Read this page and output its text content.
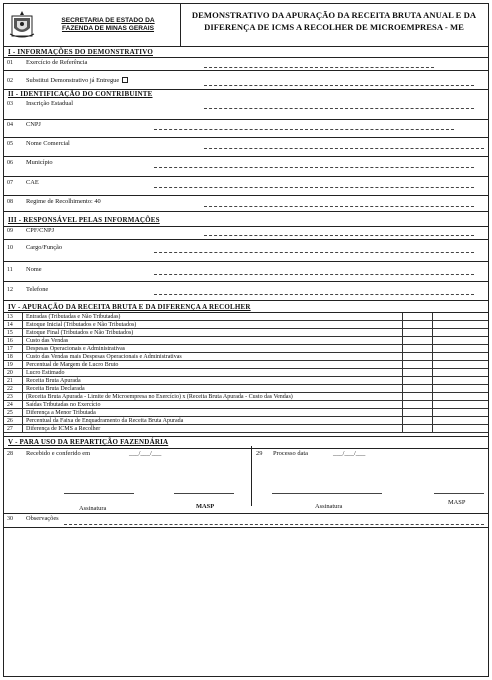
SECRETARIA DE ESTADO DA
FAZENDA DE MINAS GERAIS
DEMONSTRATIVO DA APURAÇÃO DA RECEITA BRUTA ANUAL E DA
DIFERENÇA DE ICMS A RECOLHER DE MICROEMPRESA - ME
I - INFORMAÇÕES DO DEMONSTRATIVO
01 Exercício de Referência
02 Substitui Demonstrativo já Entregue
II - IDENTIFICAÇÃO DO CONTRIBUINTE
03 Inscrição Estadual
04 CNPJ
05 Nome Comercial
06 Município
07 CAE
08 Regime de Recolhimento: 40
III - RESPONSÁVEL PELAS INFORMAÇÕES
09 CPF/CNPJ
10 Cargo/Função
11 Nome
12 Telefone
IV - APURAÇÃO DA RECEITA BRUTA E DA DIFERENÇA A RECOLHER
13 Entradas (Tributadas e Não Tributadas)
14 Estoque Inicial (Tributados e Não Tributados)
15 Estoque Final (Tributados e Não Tributados)
16 Custo das Vendas
17 Despesas Operacionais e Administrativas
18 Custo das Vendas mais Despesas Operacionais e Administrativas
19 Percentual de Margem de Lucro Bruto
20 Lucro Estimado
21 Receita Bruta Apurada
22 Receita Bruta Declarada
23 (Receita Bruta Apurada - Limite de Microempresa no Exercício) x (Receita Bruta Apurada - Custo das Vendas)
24 Saídas Tributadas no Exercício
25 Diferença a Menor Tributada
26 Percentual da Faixa de Enquadramento da Receita Bruta Apurada
27 Diferença de ICMS a Recolher
V - PARA USO DA REPARTIÇÃO FAZENDÁRIA
28 Recebido e conferido em	___/___/___	29 Processo data	___/___/___
Assinatura	MASP	Assinatura
MASP
30 Observações
